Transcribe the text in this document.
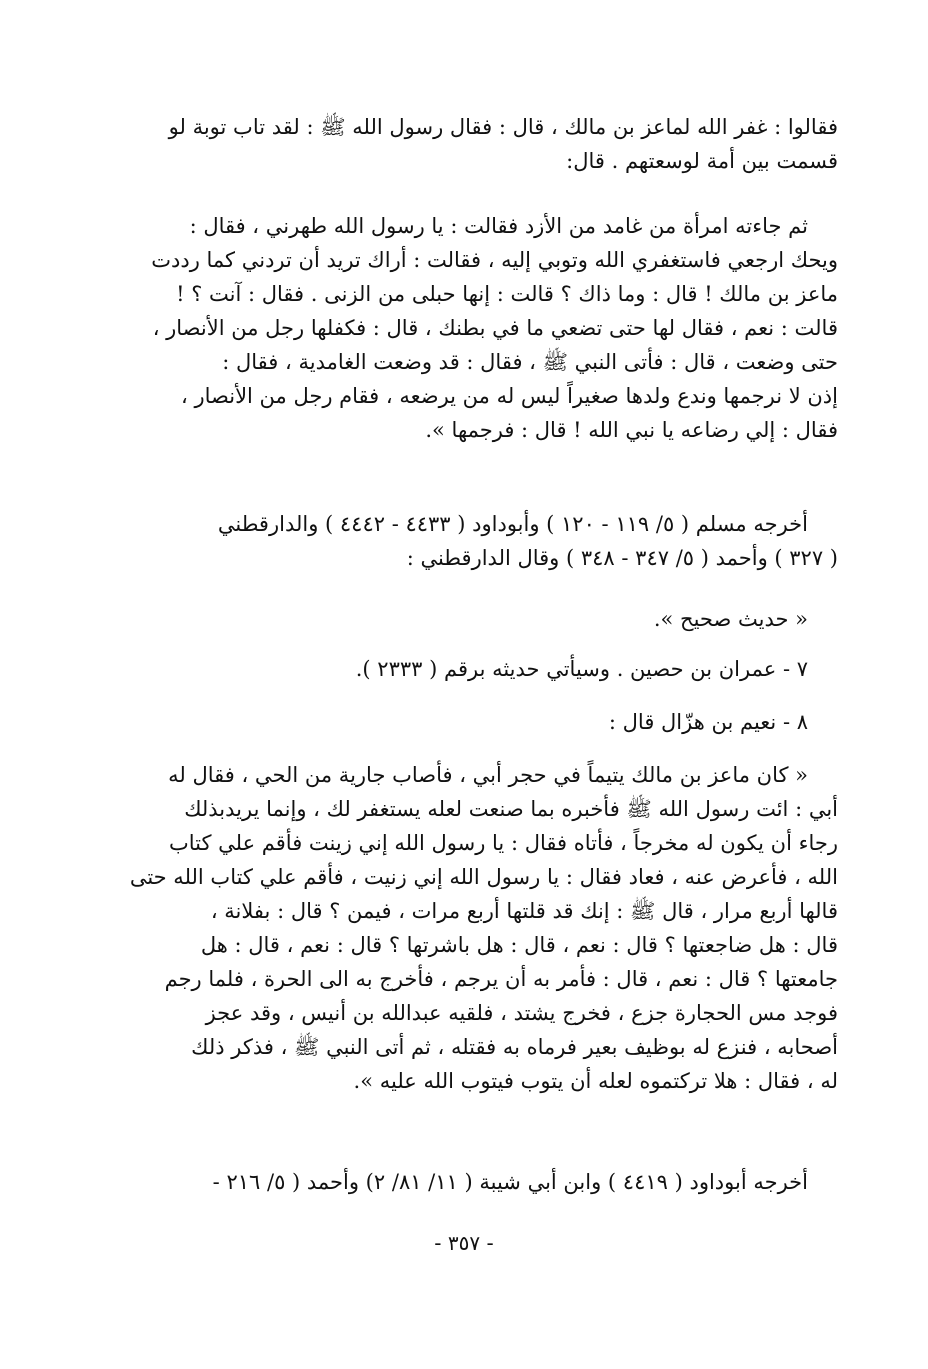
فقالوا : غفر الله لماعز بن مالك ، قال : فقال رسول الله ﷺ : لقد تاب توبة لو
قسمت بين أمة لوسعتهم . قال:
ثم جاءته امرأة من غامد من الأزد فقالت : يا رسول الله طهرني ، فقال :
ويحك ارجعي فاستغفري الله وتوبي إليه ، فقالت : أراك تريد أن تردني كما رددت
ماعز بن مالك ! قال : وما ذاك ؟ قالت : إنها حبلى من الزنى . فقال : آنت ؟ !
قالت : نعم ، فقال لها حتى تضعي ما في بطنك ، قال : فكفلها رجل من الأنصار ،
حتى وضعت ، قال : فأتى النبي ﷺ ، فقال : قد وضعت الغامدية ، فقال :
إذن لا نرجمها وندع ولدها صغيراً ليس له من يرضعه ، فقام رجل من الأنصار ،
فقال : إلي رضاعه يا نبي الله ! قال : فرجمها ».
أخرجه مسلم ( ٥/ ١١٩ - ١٢٠ ) وأبوداود ( ٤٤٣٣ - ٤٤٤٢ ) والدارقطني
( ٣٢٧ ) وأحمد ( ٥/ ٣٤٧ - ٣٤٨ ) وقال الدارقطني :
« حديث صحيح ».
٧ - عمران بن حصين . وسيأتي حديثه برقم ( ٢٣٣٣ ).
٨ - نعيم بن هزّال قال :
« كان ماعز بن مالك يتيماً في حجر أبي ، فأصاب جارية من الحي ، فقال له
أبي : ائت رسول الله ﷺ فأخبره بما صنعت لعله يستغفر لك ، وإنما يريدبذلك
رجاء أن يكون له مخرجاً ، فأتاه فقال : يا رسول الله إني زينت فأقم علي كتاب
الله ، فأعرض عنه ، فعاد فقال : يا رسول الله إني زنيت ، فأقم علي كتاب الله حتى
قالها أربع مرار ، قال ﷺ : إنك قد قلتها أربع مرات ، فيمن ؟ قال : بفلانة ،
قال : هل ضاجعتها ؟ قال : نعم ، قال : هل باشرتها ؟ قال : نعم ، قال : هل
جامعتها ؟ قال : نعم ، قال : فأمر به أن يرجم ، فأخرج به الى الحرة ، فلما رجم
فوجد مس الحجارة جزع ، فخرج يشتد ، فلقيه عبدالله بن أنيس ، وقد عجز
أصحابه ، فنزع له بوظيف بعير فرماه به فقتله ، ثم أتى النبي ﷺ ، فذكر ذلك
له ، فقال : هلا تركتموه لعله أن يتوب فيتوب الله عليه ».
أخرجه أبوداود ( ٤٤١٩ ) وابن أبي شيبة ( ١١/ ٨١/ ٢) وأحمد ( ٥/ ٢١٦ -
- ٣٥٧ -
